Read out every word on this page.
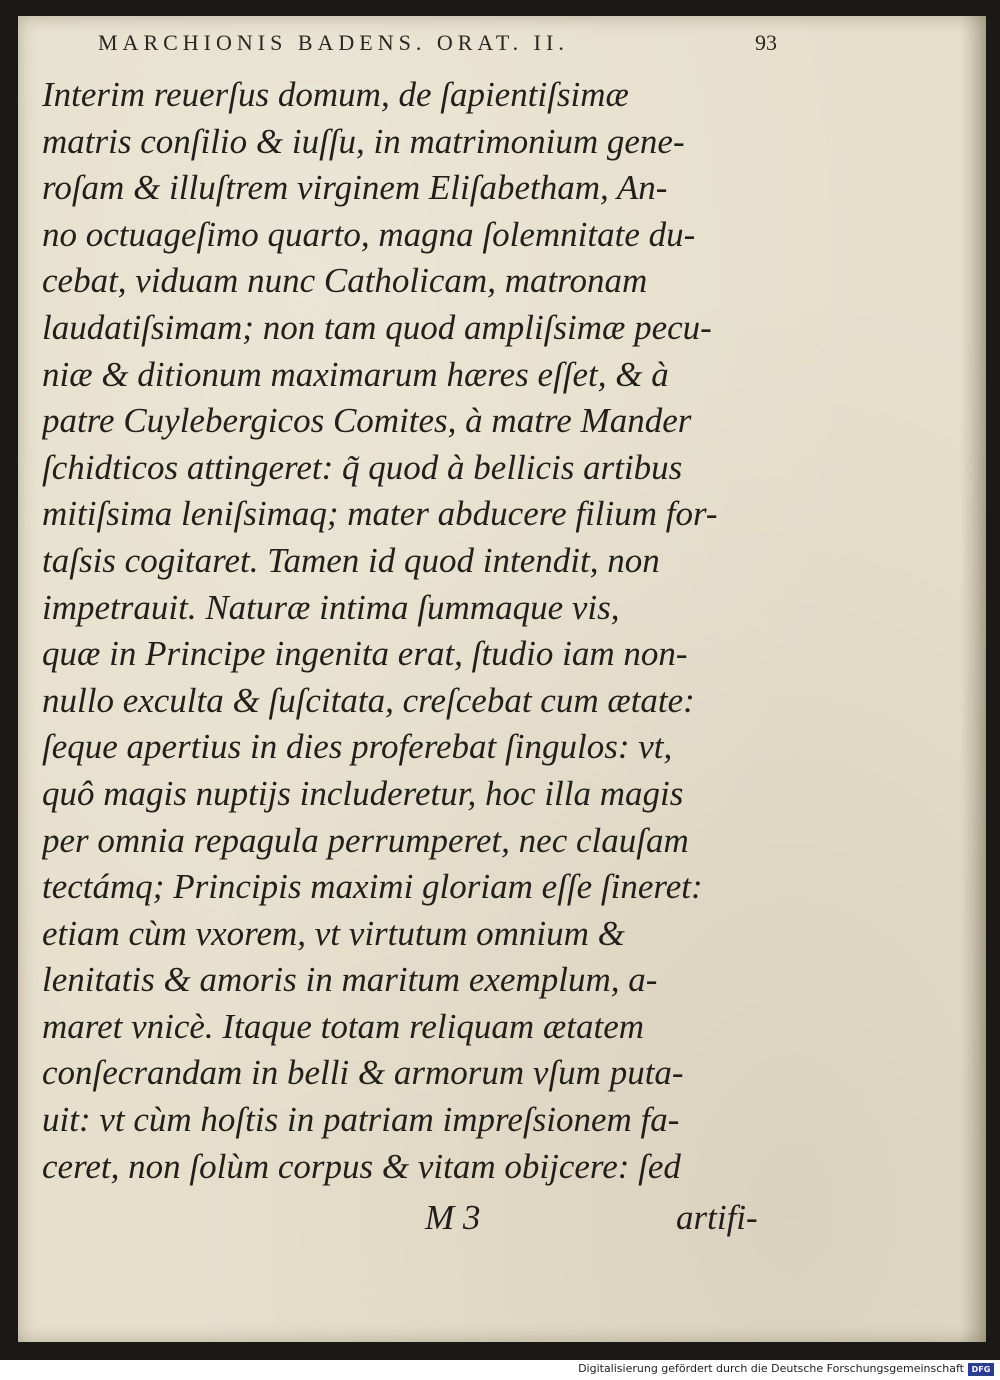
MARCHIONIS BADENS. ORAT. II.	93
Interim reuerſus domum, de ſapientiſsimæ
matris conſilio & iuſſu, in matrimonium gene-
roſam & illuſtrem virginem Eliſabetham, An-
no octuageſimo quarto, magna ſolemnitate du-
cebat, viduam nunc Catholicam, matronam
laudatiſsimam; non tam quod ampliſsimæ pecu-
niæ & ditionum maximarum hæres eſſet, & à
patre Cuylebergicos Comites, à matre Mander
ſchidticos attingeret: q̃ quod à bellicis artibus
mitiſsima leniſsimaq; mater abducere filium for-
taſsis cogitaret. Tamen id quod intendit, non
impetrauit. Naturæ intima ſummaque vis,
quæ in Principe ingenita erat, ſtudio iam non-
nullo exculta & ſuſcitata, creſcebat cum ætate:
ſeque apertius in dies proferebat ſingulos: vt,
quô magis nuptijs includeretur, hoc illa magis
per omnia repagula perrumperet, nec clauſam
tectámq; Principis maximi gloriam eſſe ſineret:
etiam cùm vxorem, vt virtutum omnium &
lenitatis & amoris in maritum exemplum, a-
maret vnicè. Itaque totam reliquam ætatem
conſecrandam in belli & armorum vſum puta-
uit: vt cùm hoſtis in patriam impreſsionem fa-
ceret, non ſolùm corpus & vitam obijcere: ſed
M 3	artifi-
Digitalisierung gefördert durch die Deutsche Forschungsgemeinschaft DFG
